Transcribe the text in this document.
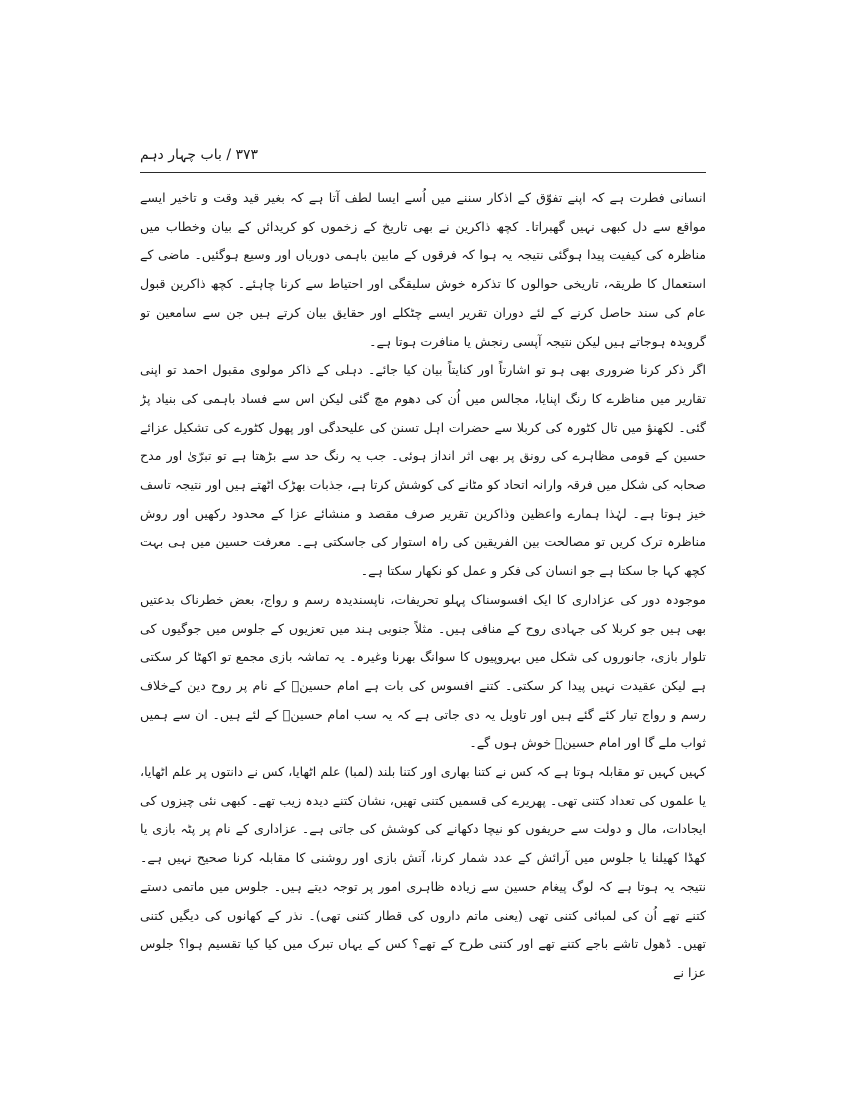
باب چہار دہم / ۳۷۳

انسانی فطرت ہے کہ اپنے تفوّق کے اذکار سننے میں اُسے ایسا لطف آتا ہے کہ بغیر قید وقت و تاخیر ایسے مواقع سے دل کبھی نہیں گھبراتا۔ کچھ ذاکرین نے بھی تاریخ کے زخموں کو کریدائں کے بیان وخطاب میں مناظرہ کی کیفیت پیدا ہوگئی نتیجہ یہ ہوا کہ فرقوں کے مابین باہمی دوریاں اور وسیع ہوگئیں۔ ماضی کے استعمال کا طریقہ، تاریخی حوالوں کا تذکرہ خوش سلیقگی اور احتیاط سے کرنا چاہئے۔ کچھ ذاکرین قبول عام کی سند حاصل کرنے کے لئے دوران تقریر ایسے چٹکلے اور حقایق بیان کرتے ہیں جن سے سامعین تو گرویدہ ہوجاتے ہیں لیکن نتیجہ آپسی رنجش یا منافرت ہوتا ہے۔

اگر ذکر کرنا ضروری بھی ہو تو اشارتاً اور کنایتاً بیان کیا جائے۔ دہلی کے ذاکر مولوی مقبول احمد تو اپنی تقاریر میں مناظرے کا رنگ اپنایا، مجالس میں اُن کی دھوم مچ گئی لیکن اس سے فساد باہمی کی بنیاد پڑ گئی۔ لکھنؤ میں تال کٹورہ کی کربلا سے حضرات اہل تسنن کی علیحدگی اور پھول کٹورے کی تشکیل عزائے حسین کے قومی مظاہرے کی رونق پر بھی اثر انداز ہوئی۔ جب یہ رنگ حد سے بڑھتا ہے تو تبرّیٰ اور مدح صحابہ کی شکل میں فرقہ وارانہ اتحاد کو مٹانے کی کوشش کرتا ہے، جذبات بھڑک اٹھتے ہیں اور نتیجہ تاسف خیز ہوتا ہے۔ لہٰذا ہمارے واعظین وذاکرین تقریر صرف مقصد و منشائے عزا کے محدود رکھیں اور روش مناظرہ ترک کریں تو مصالحت بین الفریقین کی راہ استوار کی جاسکتی ہے۔ معرفت حسین میں ہی بہت کچھ کہا جا سکتا ہے جو انسان کی فکر و عمل کو نکھار سکتا ہے۔

موجودہ دور کی عزاداری کا ایک افسوسناک پہلو تحریفات، ناپسندیدہ رسم و رواج، بعض خطرناک بدعتیں بھی ہیں جو کربلا کی جہادی روح کے منافی ہیں۔ مثلاً جنوبی ہند میں تعزیوں کے جلوس میں جوگیوں کی تلوار بازی، جانوروں کی شکل میں بہروپیوں کا سوانگ بھرنا وغیرہ۔ یہ تماشہ بازی مجمع تو اکھٹا کر سکتی ہے لیکن عقیدت نہیں پیدا کر سکتی۔ کتنے افسوس کی بات ہے امام حسینؑ کے نام پر روح دین کےخلاف رسم و رواج تیار کئے گئے ہیں اور تاویل یہ دی جاتی ہے کہ یہ سب امام حسینؑ کے لئے ہیں۔ ان سے ہمیں ثواب ملے گا اور امام حسینؑ خوش ہوں گے۔

کہیں کہیں تو مقابلہ ہوتا ہے کہ کس نے کتنا بھاری اور کتنا بلند (لمبا) علم اٹھایا، کس نے دانتوں پر علم اٹھایا، یا علموں کی تعداد کتنی تھی۔ پھریرے کی قسمیں کتنی تھیں، نشان کتنے دیدہ زیب تھے۔ کبھی نئی چیزوں کی ایجادات، مال و دولت سے حریفوں کو نیچا دکھانے کی کوشش کی جاتی ہے۔ عزاداری کے نام پر پٹہ بازی یا کھڈا کھیلنا یا جلوس میں آرائش کے عدد شمار کرنا، آتش بازی اور روشنی کا مقابلہ کرنا صحیح نہیں ہے۔ نتیجہ یہ ہوتا ہے کہ لوگ پیغام حسین سے زیادہ ظاہری امور پر توجہ دیتے ہیں۔ جلوس میں ماتمی دستے کتنے تھے اُن کی لمبائی کتنی تھی (یعنی ماتم داروں کی قطار کتنی تھی)۔ نذر کے کھانوں کی دیگیں کتنی تھیں۔ ڈھول تاشے باجے کتنے تھے اور کتنی طرح کے تھے؟ کس کے یہاں تبرک میں کیا کیا تقسیم ہوا؟ جلوس عزا نے
